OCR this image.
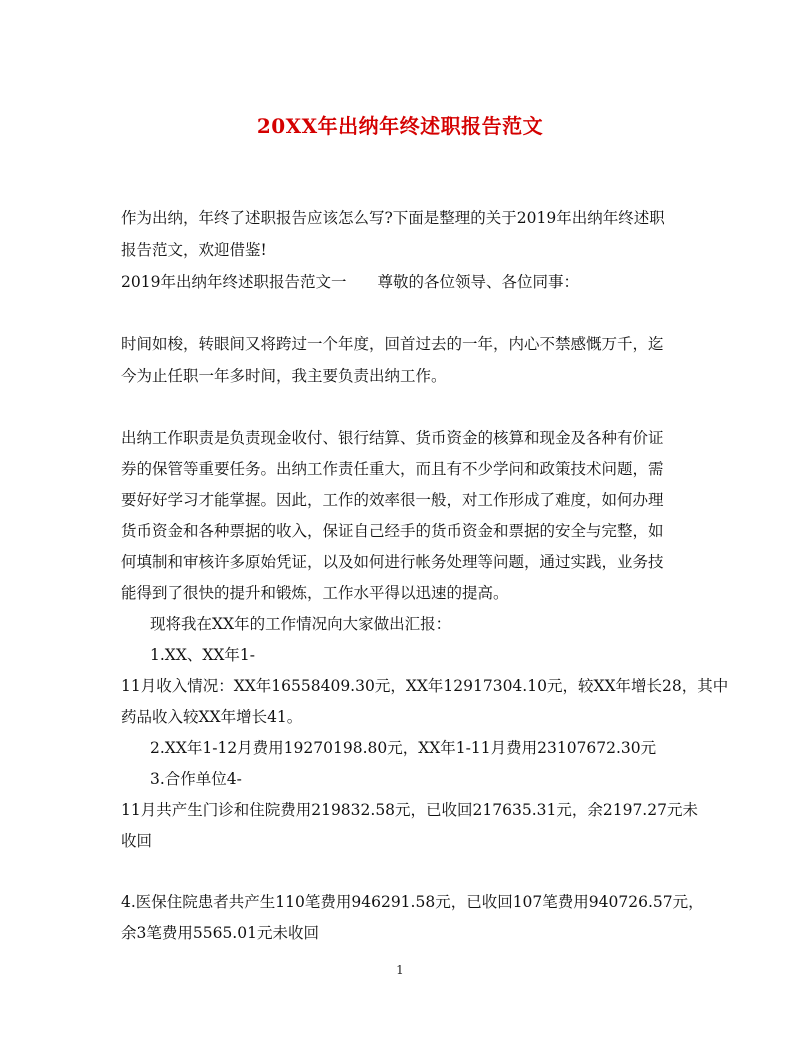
20XX年出纳年终述职报告范文
作为出纳，年终了述职报告应该怎么写?下面是整理的关于2019年出纳年终述职
报告范文，欢迎借鉴!
2019年出纳年终述职报告范文一　　尊敬的各位领导、各位同事：
时间如梭，转眼间又将跨过一个年度，回首过去的一年，内心不禁感慨万千，迄
今为止任职一年多时间，我主要负责出纳工作。
出纳工作职责是负责现金收付、银行结算、货币资金的核算和现金及各种有价证
券的保管等重要任务。出纳工作责任重大，而且有不少学问和政策技术问题，需
要好好学习才能掌握。因此，工作的效率很一般，对工作形成了难度，如何办理
货币资金和各种票据的收入，保证自己经手的货币资金和票据的安全与完整，如
何填制和审核许多原始凭证，以及如何进行帐务处理等问题，通过实践，业务技
能得到了很快的提升和锻炼，工作水平得以迅速的提高。
现将我在XX年的工作情况向大家做出汇报：
1.XX、XX年1-
11月收入情况：XX年16558409.30元，XX年12917304.10元，较XX年增长28，其中
药品收入较XX年增长41。
2.XX年1-12月费用19270198.80元，XX年1-11月费用23107672.30元
3.合作单位4-
11月共产生门诊和住院费用219832.58元，已收回217635.31元，余2197.27元未
收回
4.医保住院患者共产生110笔费用946291.58元，已收回107笔费用940726.57元，
余3笔费用5565.01元未收回
1
